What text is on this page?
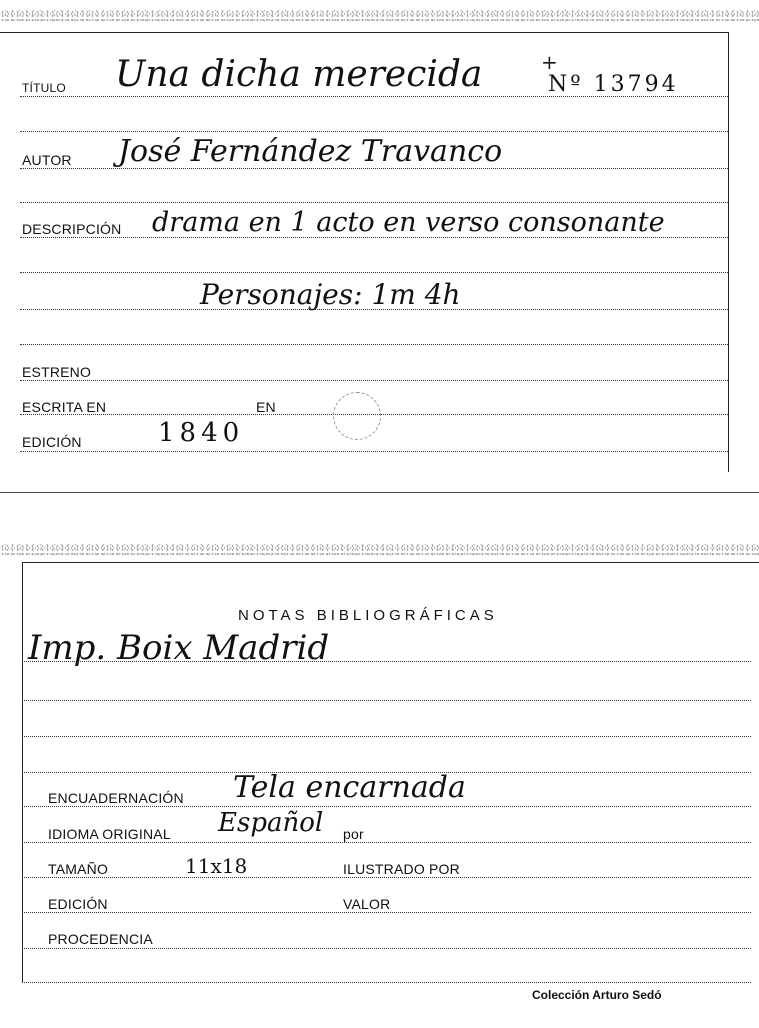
TÍTULO Una dicha merecida	Nº 13794
+
AUTOR José Fernández Travanco
DESCRIPCIÓN drama en 1 acto en verso consonante
Personajes: 1m 4h
ESTRENO
ESCRITA EN	EN
EDICIÓN	1840
NOTAS BIBLIOGRÁFICAS
Imp. Boix Madrid
ENCUADERNACIÓN Tela encarnada
IDIOMA ORIGINAL Español por
TAMAÑO	11x18	ILUSTRADO POR
EDICIÓN	VALOR
PROCEDENCIA
Colección Arturo Sedó
